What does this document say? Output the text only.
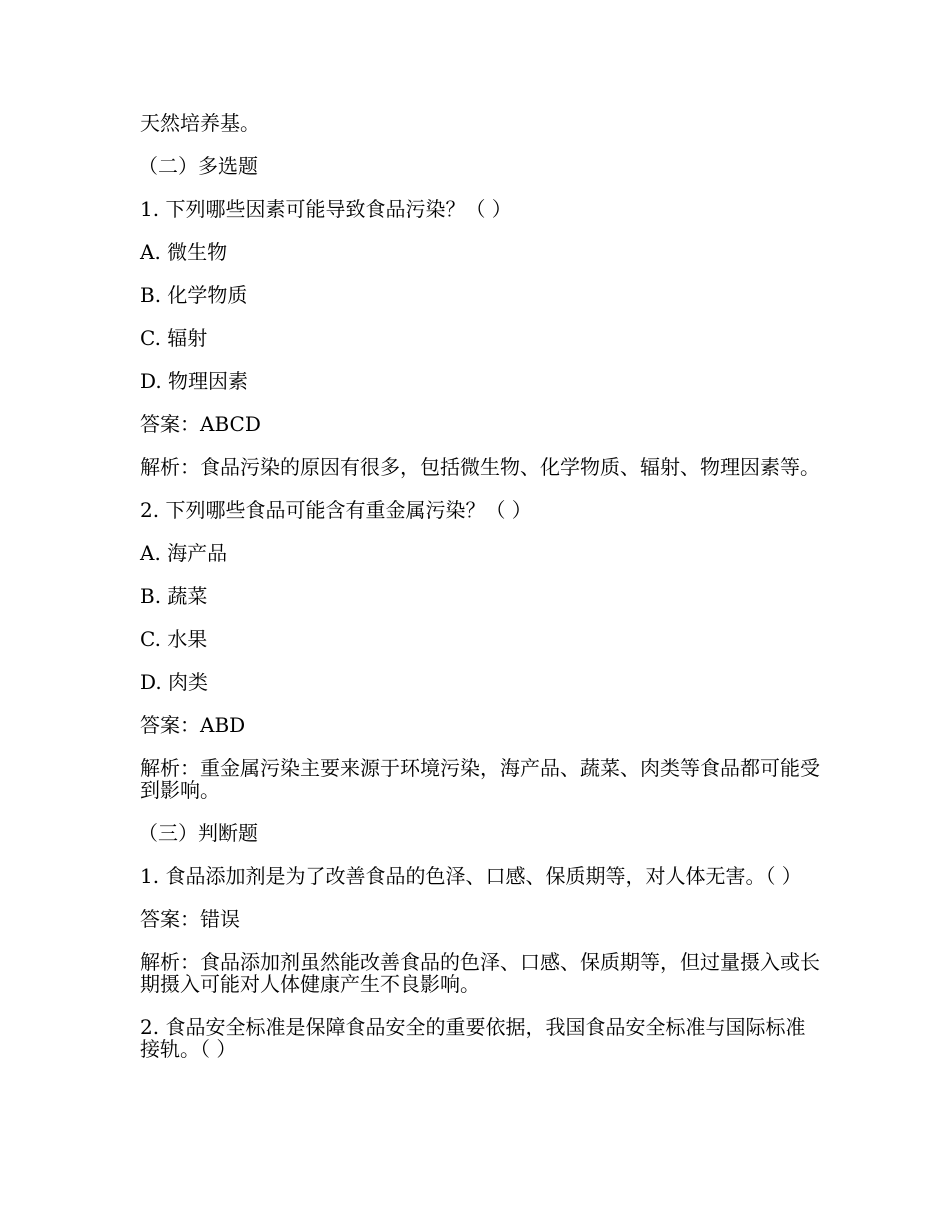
天然培养基。

（二）多选题

1. 下列哪些因素可能导致食品污染？（ ）

A. 微生物

B. 化学物质

C. 辐射

D. 物理因素

答案：ABCD

解析：食品污染的原因有很多，包括微生物、化学物质、辐射、物理因素等。

2. 下列哪些食品可能含有重金属污染？（ ）

A. 海产品

B. 蔬菜

C. 水果

D. 肉类

答案：ABD

解析：重金属污染主要来源于环境污染，海产品、蔬菜、肉类等食品都可能受到影响。

（三）判断题

1. 食品添加剂是为了改善食品的色泽、口感、保质期等，对人体无害。（ ）

答案：错误

解析：食品添加剂虽然能改善食品的色泽、口感、保质期等，但过量摄入或长期摄入可能对人体健康产生不良影响。

2. 食品安全标准是保障食品安全的重要依据，我国食品安全标准与国际标准接轨。（ ）
